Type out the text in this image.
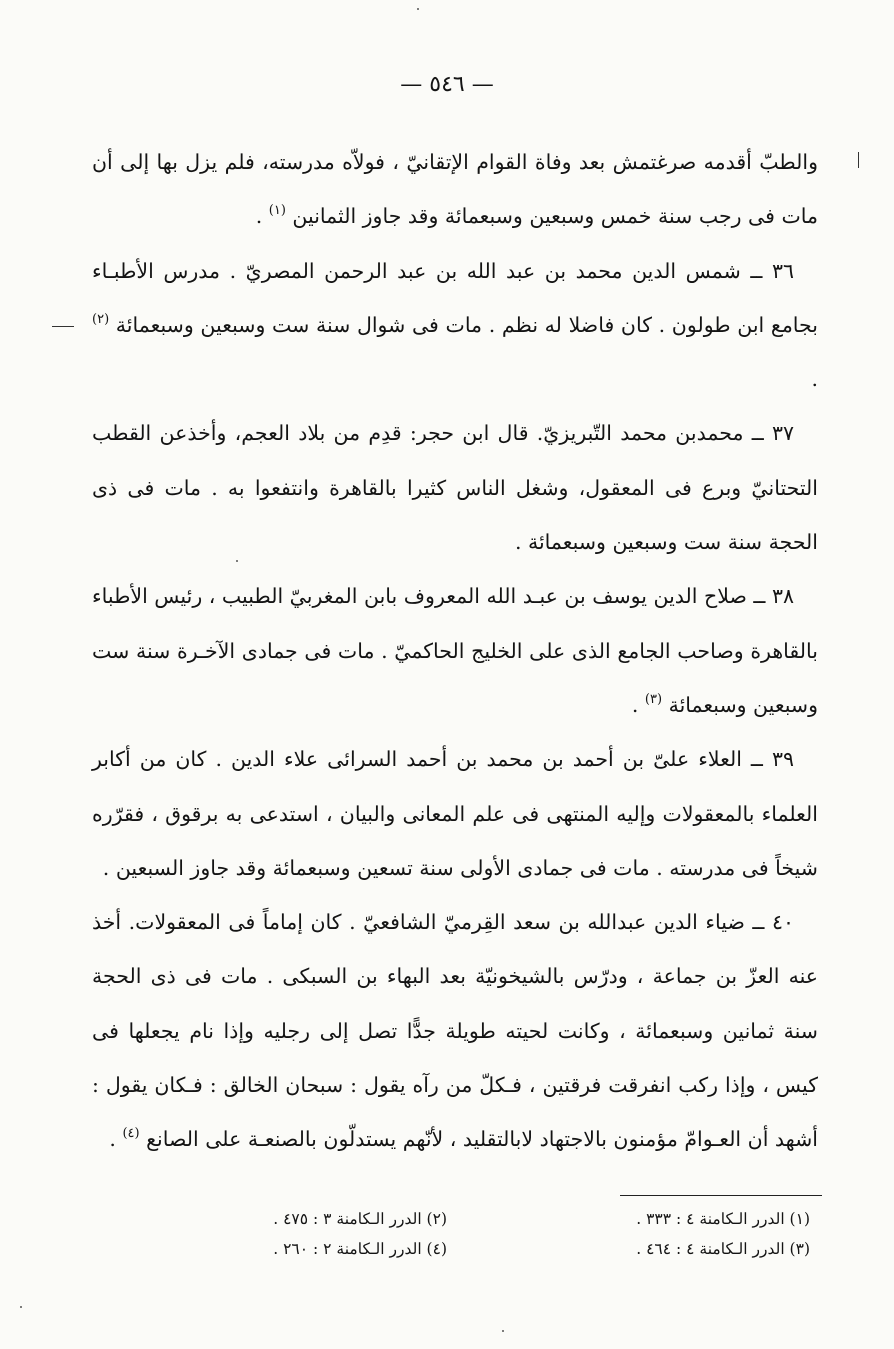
— ٥٤٦ —

والطبّ أقدمه صرغتمش بعد وفاة القوام الإتقانيّ ، فولاّه مدرسته، فلم يزل بها إلى أن مات فى رجب سنة خمس وسبعين وسبعمائة وقد جاوز الثمانين $^{(١)}$ .

٣٦ ــ شمس الدين محمد بن عبد الله بن عبد الرحمن المصريّ . مدرس الأطبـاء بجامع ابن طولون . كان فاضلا له نظم . مات فى شوال سنة ست وسبعين وسبعمائة $^{(٢)}$ .

٣٧ ــ محمدبن محمد التّبريزيّ. قال ابن حجر: قدِم من بلاد العجم، وأخذعن القطب التحتانيّ وبرع فى المعقول، وشغل الناس كثيرا بالقاهرة وانتفعوا به . مات فى ذى الحجة سنة ست وسبعين وسبعمائة .

٣٨ ــ صلاح الدين يوسف بن عبـد الله المعروف بابن المغربيّ الطبيب ، رئيس الأطباء بالقاهرة وصاحب الجامع الذى على الخليج الحاكميّ . مات فى جمادى الآخـرة سنة ست وسبعين وسبعمائة $^{(٣)}$ .

٣٩ ــ العلاء علىّ بن أحمد بن محمد بن أحمد السرائى علاء الدين . كان من أكابر العلماء بالمعقولات وإليه المنتهى فى علم المعانى والبيان ، استدعى به برقوق ، فقرّره شيخاً فى مدرسته . مات فى جمادى الأولى سنة تسعين وسبعمائة وقد جاوز السبعين .

٤٠ ــ ضياء الدين عبدالله بن سعد القِرميّ الشافعيّ . كان إماماً فى المعقولات. أخذ عنه العزّ بن جماعة ، ودرّس بالشيخونيّة بعد البهاء بن السبكى . مات فى ذى الحجة سنة ثمانين وسبعمائة ، وكانت لحيته طويلة جدًّا تصل إلى رجليه وإذا نام يجعلها فى كيس ، وإذا ركب انفرقت فرقتين ، فـكلّ من رآه يقول : سبحان الخالق : فـكان يقول : أشهد أن العـوامّ مؤمنون بالاجتهاد لابالتقليد ، لأنّهم يستدلّون بالصنعـة على الصانع $^{(٤)}$ .

(١) الدرر الـكامنة ٤ : ٣٣٣ .
(٢) الدرر الـكامنة ٣ : ٤٧٥ .
(٣) الدرر الـكامنة ٤ : ٤٦٤ .
(٤) الدرر الـكامنة ٢ : ٢٦٠ .
